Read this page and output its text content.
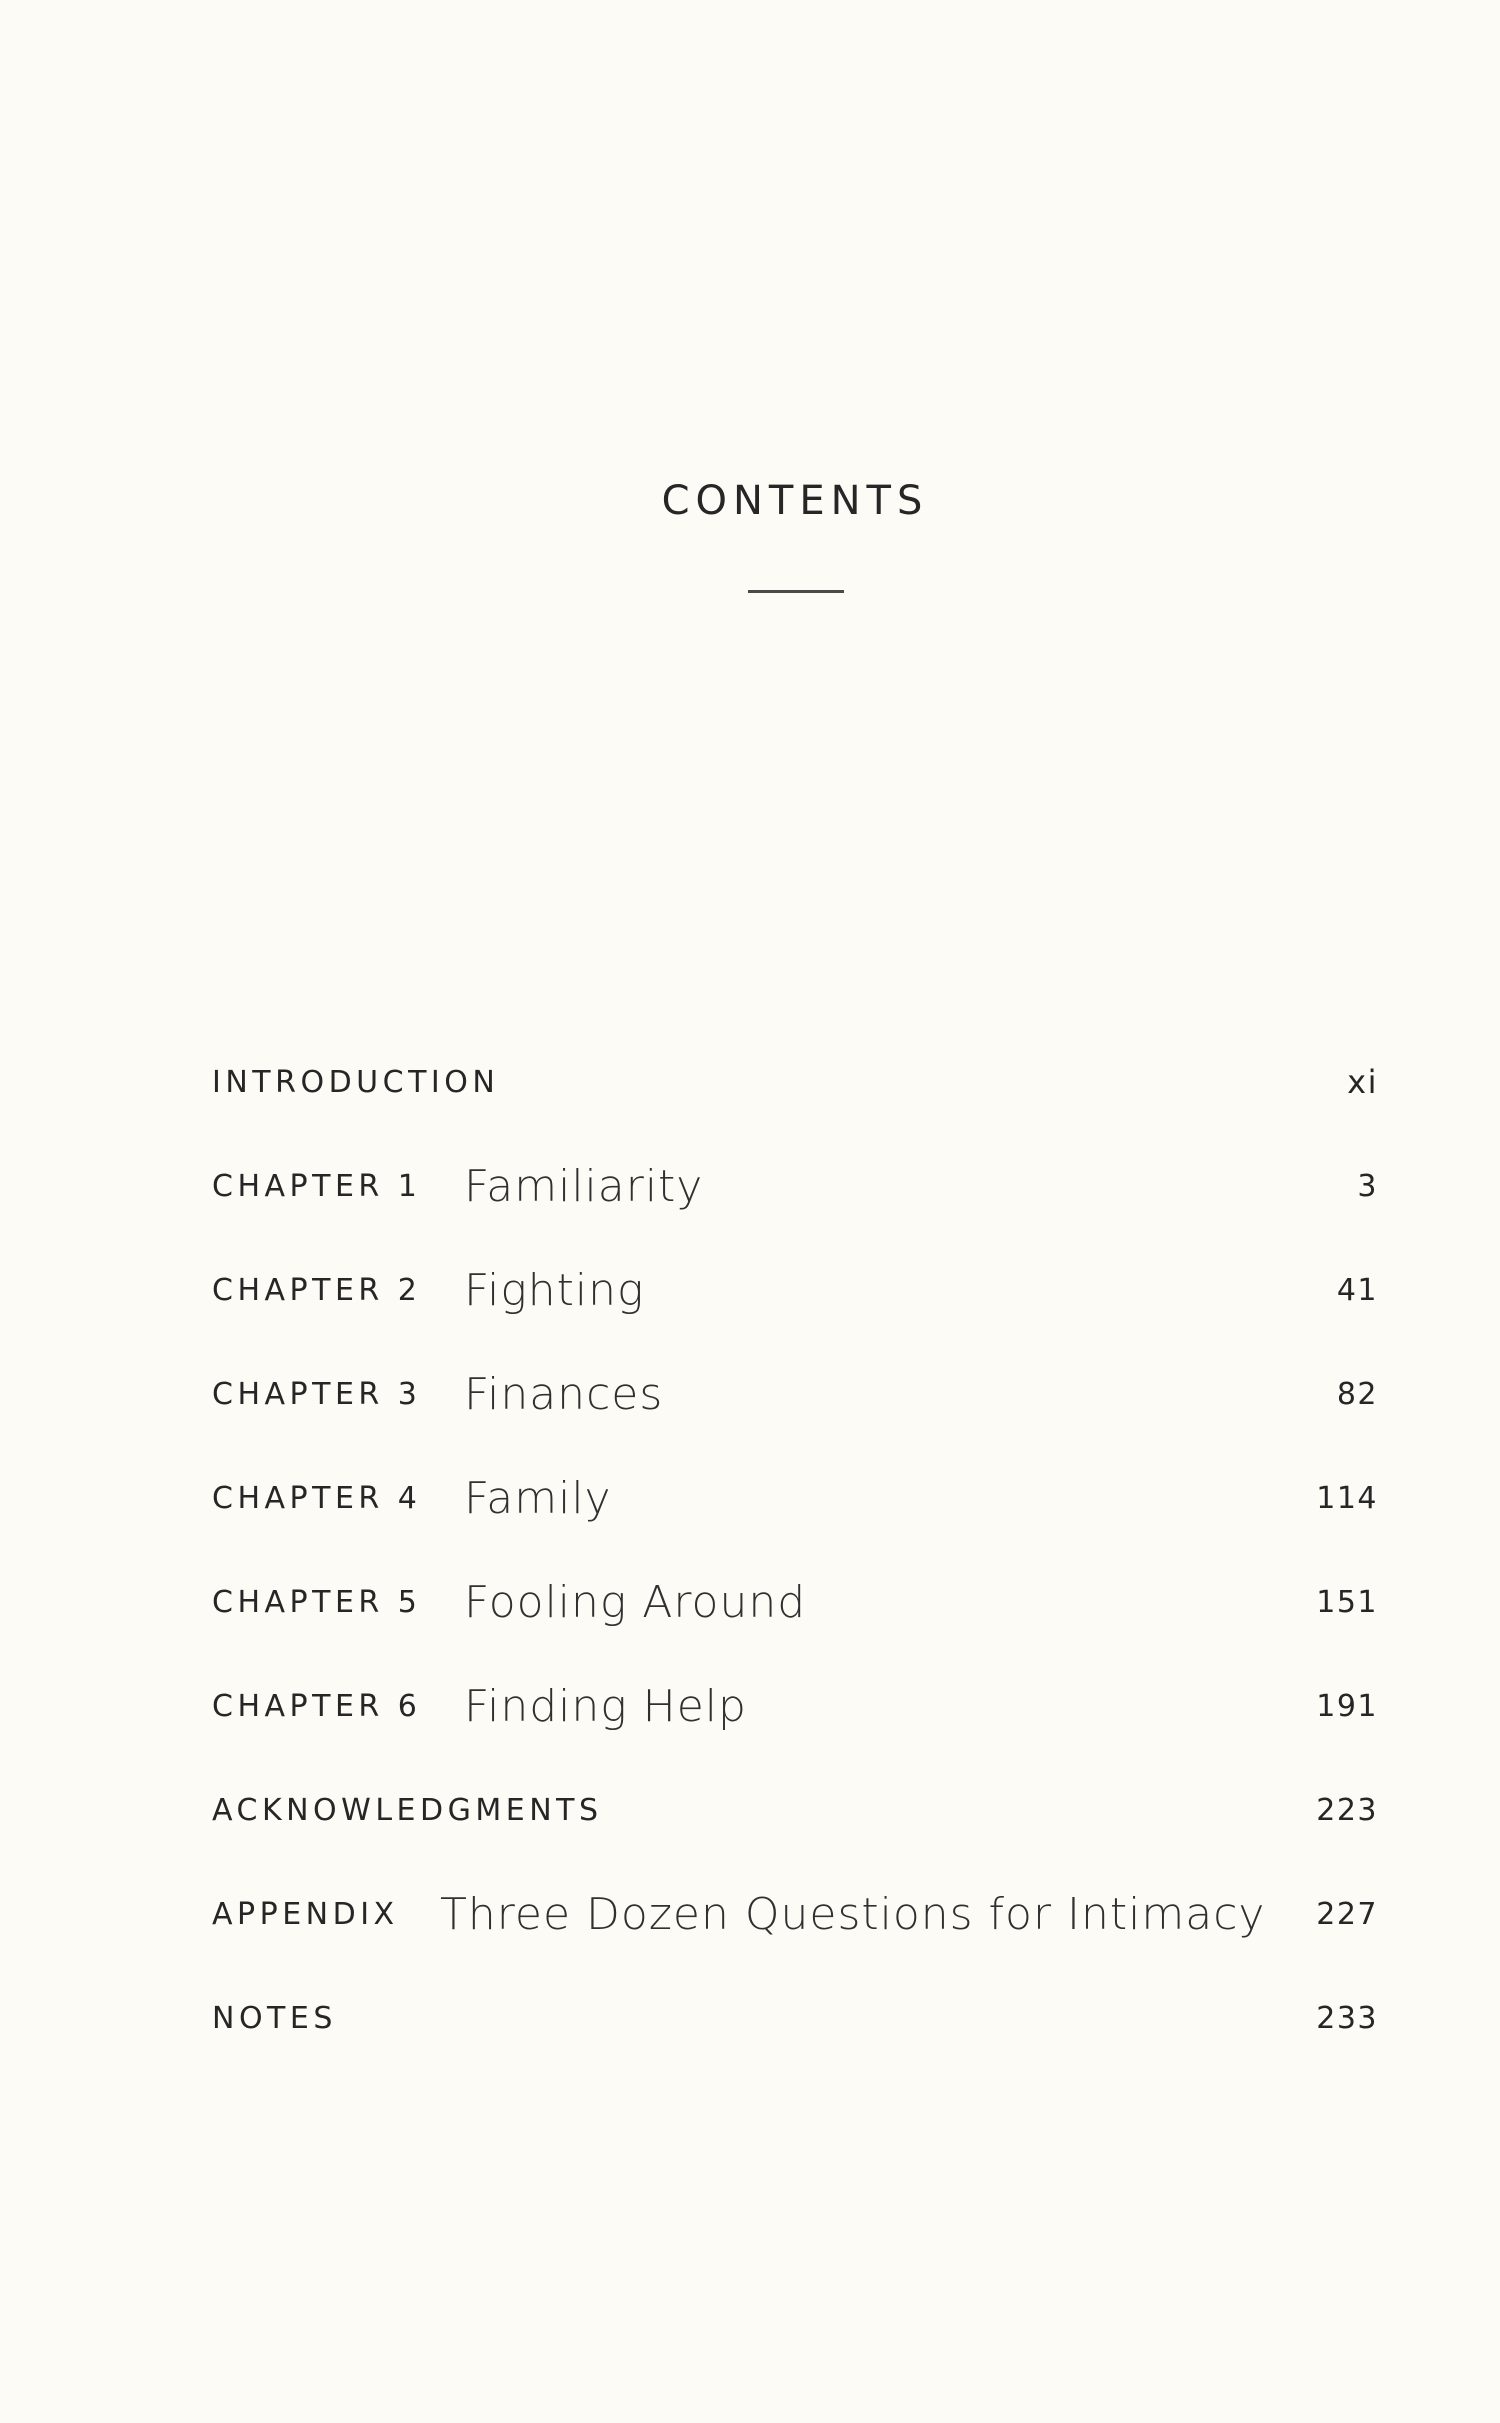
CONTENTS
INTRODUCTION	xi
CHAPTER 1 Familiarity	3
CHAPTER 2 Fighting	41
CHAPTER 3 Finances	82
CHAPTER 4 Family	114
CHAPTER 5 Fooling Around	151
CHAPTER 6 Finding Help	191
ACKNOWLEDGMENTS	223
APPENDIX Three Dozen Questions for Intimacy 227
NOTES	233
